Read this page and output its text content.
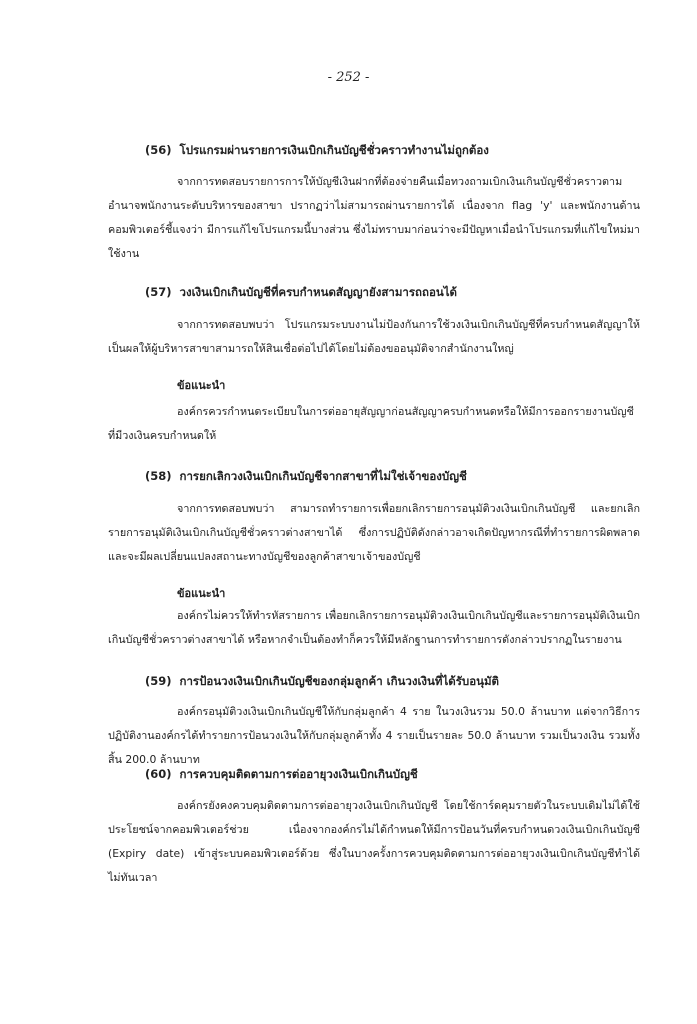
- 252 -
(56) โปรแกรมผ่านรายการเงินเบิกเกินบัญชีชั่วคราวทำงานไม่ถูกต้อง

จากการทดสอบรายการการให้บัญชีเงินฝากที่ต้องจ่ายคืนเมื่อทวงถามเบิกเงินเกินบัญชีชั่วคราวตามอำนาจพนักงานระดับบริหารของสาขา ปรากฏว่าไม่สามารถผ่านรายการได้ เนื่องจาก flag 'y' และพนักงานด้านคอมพิวเตอร์ชี้แจงว่า มีการแก้ไขโปรแกรมนี้บางส่วน ซึ่งไม่ทราบมาก่อนว่าจะมีปัญหาเมื่อนำโปรแกรมที่แก้ไขใหม่มาใช้งาน

(57) วงเงินเบิกเกินบัญชีที่ครบกำหนดสัญญายังสามารถถอนได้

จากการทดสอบพบว่า โปรแกรมระบบงานไม่ป้องกันการใช้วงเงินเบิกเกินบัญชีที่ครบกำหนดสัญญาให้ เป็นผลให้ผู้บริหารสาขาสามารถให้สินเชื่อต่อไปได้โดยไม่ต้องขออนุมัติจากสำนักงานใหญ่

ข้อแนะนำ

องค์กรควรกำหนดระเบียบในการต่ออายุสัญญาก่อนสัญญาครบกำหนดหรือให้มีการออกรายงานบัญชีที่มีวงเงินครบกำหนดให้

(58) การยกเลิกวงเงินเบิกเกินบัญชีจากสาขาที่ไม่ใช่เจ้าของบัญชี

จากการทดสอบพบว่า สามารถทำรายการเพื่อยกเลิกรายการอนุมัติวงเงินเบิกเกินบัญชี และยกเลิกรายการอนุมัติเงินเบิกเกินบัญชีชั่วคราวต่างสาขาได้ ซึ่งการปฏิบัติดังกล่าวอาจเกิดปัญหากรณีที่ทำรายการผิดพลาดและจะมีผลเปลี่ยนแปลงสถานะทางบัญชีของลูกค้าสาขาเจ้าของบัญชี

ข้อแนะนำ

องค์กรไม่ควรให้ทำรหัสรายการ เพื่อยกเลิกรายการอนุมัติวงเงินเบิกเกินบัญชีและรายการอนุมัติเงินเบิกเกินบัญชีชั่วคราวต่างสาขาได้ หรือหากจำเป็นต้องทำก็ควรให้มีหลักฐานการทำรายการดังกล่าวปรากฏในรายงาน

(59) การป้อนวงเงินเบิกเกินบัญชีของกลุ่มลูกค้า เกินวงเงินที่ได้รับอนุมัติ

องค์กรอนุมัติวงเงินเบิกเกินบัญชีให้กับกลุ่มลูกค้า 4 ราย ในวงเงินรวม 50.0 ล้านบาท แต่จากวิธีการปฏิบัติงานองค์กรได้ทำรายการป้อนวงเงินให้กับกลุ่มลูกค้าทั้ง 4 รายเป็นรายละ 50.0 ล้านบาท รวมเป็นวงเงิน รวมทั้งสิ้น 200.0 ล้านบาท

(60) การควบคุมติดตามการต่ออายุวงเงินเบิกเกินบัญชี

องค์กรยังคงควบคุมติดตามการต่ออายุวงเงินเบิกเกินบัญชี โดยใช้การ์ดคุมรายตัวในระบบเดิมไม่ได้ใช้ประโยชน์จากคอมพิวเตอร์ช่วย เนื่องจากองค์กรไม่ได้กำหนดให้มีการป้อนวันที่ครบกำหนดวงเงินเบิกเกินบัญชี (Expiry date) เข้าสู่ระบบคอมพิวเตอร์ด้วย ซึ่งในบางครั้งการควบคุมติดตามการต่ออายุวงเงินเบิกเกินบัญชีทำได้ไม่ทันเวลา
